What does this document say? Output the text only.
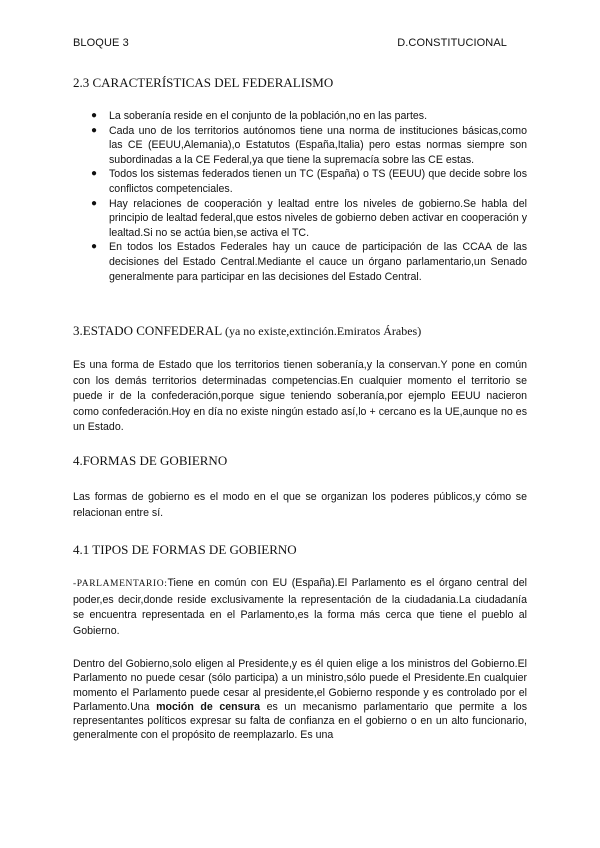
BLOQUE 3	D.CONSTITUCIONAL
2.3 CARACTERÍSTICAS DEL FEDERALISMO
● La soberanía reside en el conjunto de la población,no en las partes.
● Cada uno de los territorios autónomos tiene una norma de instituciones básicas,como las CE (EEUU,Alemania),o Estatutos (España,Italia) pero estas normas siempre son subordinadas a la CE Federal,ya que tiene la supremacía sobre las CE estas.
● Todos los sistemas federados tienen un TC (España) o TS (EEUU) que decide sobre los conflictos competenciales.
● Hay relaciones de cooperación y lealtad entre los niveles de gobierno.Se habla del principio de lealtad federal,que estos niveles de gobierno deben activar en cooperación y lealtad.Si no se actúa bien,se activa el TC.
● En todos los Estados Federales hay un cauce de participación de las CCAA de las decisiones del Estado Central.Mediante el cauce un órgano parlamentario,un Senado generalmente para participar en las decisiones del Estado Central.
3.ESTADO CONFEDERAL (ya no existe,extinción.Emiratos Árabes)

Es una forma de Estado que los territorios tienen soberanía,y la conservan.Y pone en común con los demás territorios determinadas competencias.En cualquier momento el territorio se puede ir de la confederación,porque sigue teniendo soberanía,por ejemplo EEUU nacieron como confederación.Hoy en día no existe ningún estado así,lo + cercano es la UE,aunque no es un Estado.

4.FORMAS DE GOBIERNO

Las formas de gobierno es el modo en el que se organizan los poderes públicos,y cómo se relacionan entre sí.

4.1 TIPOS DE FORMAS DE GOBIERNO

-PARLAMENTARIO:Tiene en común con EU (España).El Parlamento es el órgano central del poder,es decir,donde reside exclusivamente la representación de la ciudadania.La ciudadanía se encuentra representada en el Parlamento,es la forma más cerca que tiene el pueblo al Gobierno.

Dentro del Gobierno,solo eligen al Presidente,y es él quien elige a los ministros del Gobierno.El Parlamento no puede cesar (sólo participa) a un ministro,sólo puede el Presidente.En cualquier momento el Parlamento puede cesar al presidente,el Gobierno responde y es controlado por el Parlamento.Una moción de censura es un mecanismo parlamentario que permite a los representantes políticos expresar su falta de confianza en el gobierno o en un alto funcionario, generalmente con el propósito de reemplazarlo. Es una
